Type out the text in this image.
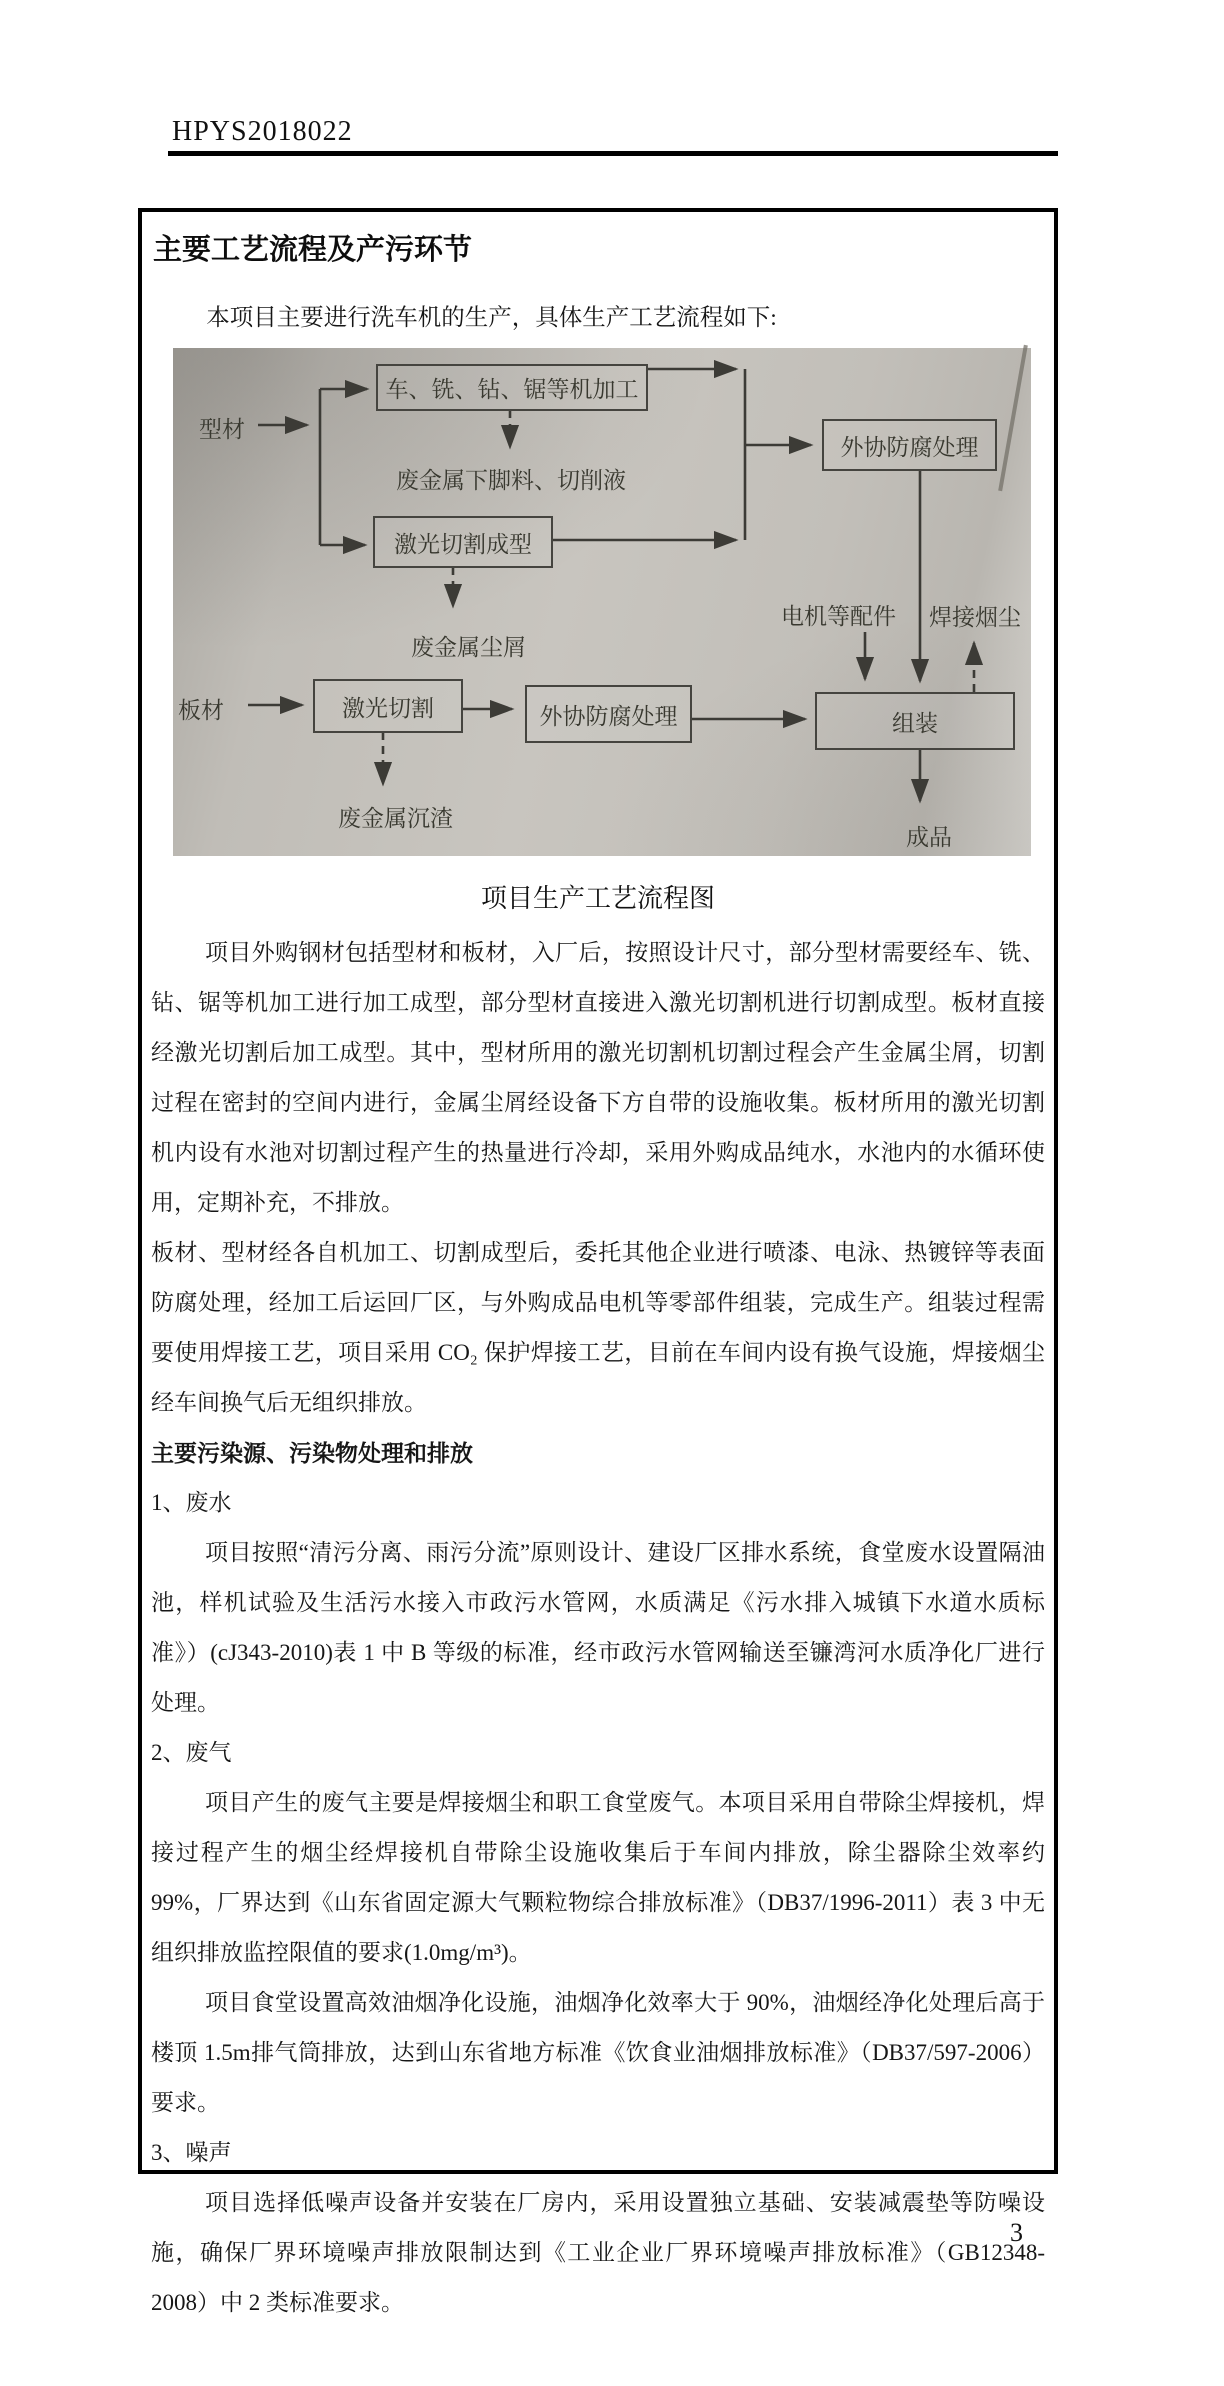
HPYS2018022
主要工艺流程及产污环节

本项目主要进行洗车机的生产，具体生产工艺流程如下:

车、铣、钻、锯等机加工
激光切割成型
外协防腐处理
激光切割	外协防腐处理	组装
型材
板材
废金属下脚料、切削液
废金属尘屑
废金属沉渣
电机等配件 焊接烟尘
成品
项目生产工艺流程图

项目外购钢材包括型材和板材，入厂后，按照设计尺寸，部分型材需要经车、铣、钻、锯等机加工进行加工成型，部分型材直接进入激光切割机进行切割成型。板材直接经激光切割后加工成型。其中，型材所用的激光切割机切割过程会产生金属尘屑，切割过程在密封的空间内进行，金属尘屑经设备下方自带的设施收集。板材所用的激光切割机内设有水池对切割过程产生的热量进行冷却，采用外购成品纯水，水池内的水循环使用，定期补充，不排放。

板材、型材经各自机加工、切割成型后，委托其他企业进行喷漆、电泳、热镀锌等表面防腐处理，经加工后运回厂区，与外购成品电机等零部件组装，完成生产。组装过程需要使用焊接工艺，项目采用 CO₂ 保护焊接工艺，目前在车间内设有换气设施，焊接烟尘经车间换气后无组织排放。

主要污染源、污染物处理和排放

1、废水

项目按照“清污分离、雨污分流”原则设计、建设厂区排水系统，食堂废水设置隔油池，样机试验及生活污水接入市政污水管网，水质满足《污水排入城镇下水道水质标准》）(cJ343-2010)表 1 中 B 等级的标准，经市政污水管网输送至镰湾河水质净化厂进行处理。

2、废气

项目产生的废气主要是焊接烟尘和职工食堂废气。本项目采用自带除尘焊接机，焊接过程产生的烟尘经焊接机自带除尘设施收集后于车间内排放，除尘器除尘效率约 99%，厂界达到《山东省固定源大气颗粒物综合排放标准》（DB37/1996-2011）表 3 中无组织排放监控限值的要求(1.0mg/m³)。

项目食堂设置高效油烟净化设施，油烟净化效率大于 90%，油烟经净化处理后高于楼顶 1.5m排气筒排放，达到山东省地方标准《饮食业油烟排放标准》（DB37/597-2006）要求。

3、噪声

项目选择低噪声设备并安装在厂房内，采用设置独立基础、安装减震垫等防噪设施，确保厂界环境噪声排放限制达到《工业企业厂界环境噪声排放标准》（GB12348-2008）中 2 类标准要求。

3
